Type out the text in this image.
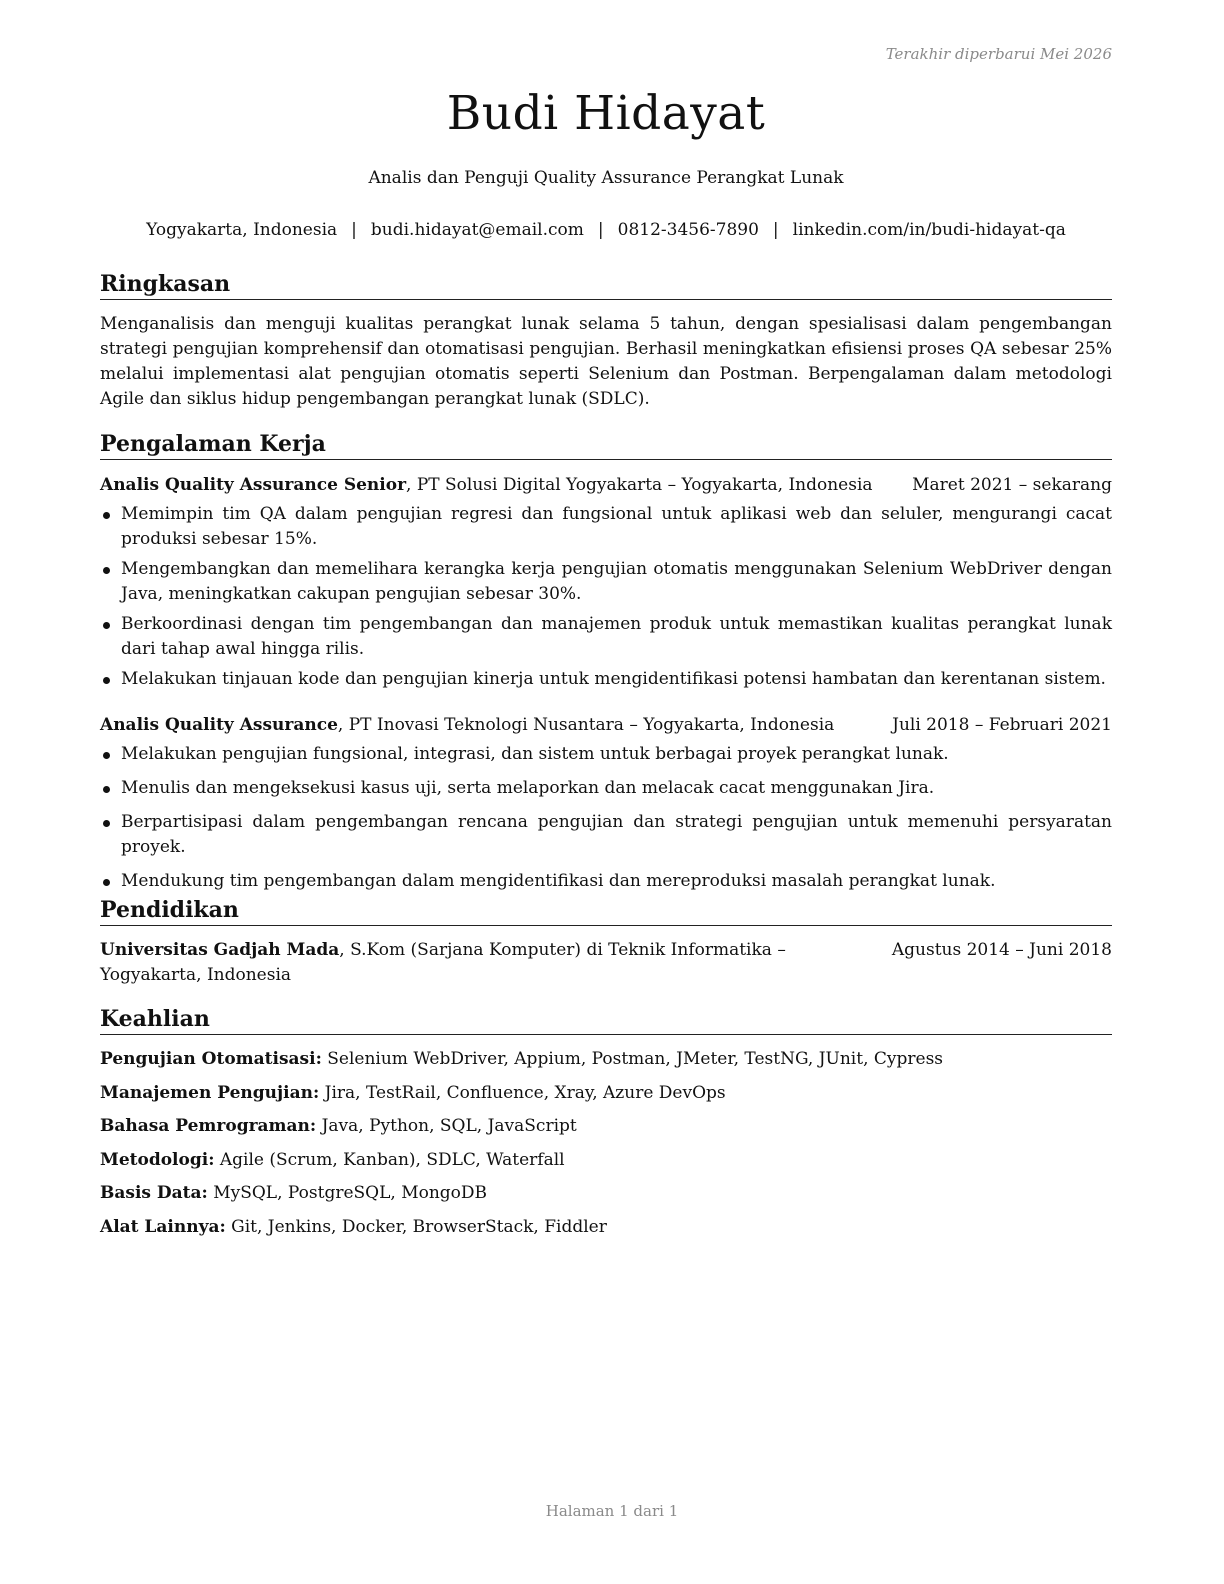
Terakhir diperbarui Mei 2026
Budi Hidayat
Analis dan Penguji Quality Assurance Perangkat Lunak
Yogyakarta, Indonesia | budi.hidayat@email.com | 0812-3456-7890 | linkedin.com/in/budi-hidayat-qa
Ringkasan

Menganalisis dan menguji kualitas perangkat lunak selama 5 tahun, dengan spesialisasi dalam pengembangan strategi pengujian komprehensif dan otomatisasi pengujian. Berhasil meningkatkan efisiensi proses QA sebesar 25% melalui implementasi alat pengujian otomatis seperti Selenium dan Postman. Berpengalaman dalam metodologi Agile dan siklus hidup pengembangan perangkat lunak (SDLC).

Pengalaman Kerja
Analis Quality Assurance Senior, PT Solusi Digital Yogyakarta – Yogyakarta, Indonesia Maret 2021 – sekarang
Memimpin tim QA dalam pengujian regresi dan fungsional untuk aplikasi web dan seluler, mengurangi cacat produksi sebesar 15%.
Mengembangkan dan memelihara kerangka kerja pengujian otomatis menggunakan Selenium WebDriver dengan Java, meningkatkan cakupan pengujian sebesar 30%.
Berkoordinasi dengan tim pengembangan dan manajemen produk untuk memastikan kualitas perangkat lunak dari tahap awal hingga rilis.
Melakukan tinjauan kode dan pengujian kinerja untuk mengidentifikasi potensi hambatan dan kerentanan sistem.
Analis Quality Assurance, PT Inovasi Teknologi Nusantara – Yogyakarta, Indonesia	Juli 2018 – Februari 2021
Melakukan pengujian fungsional, integrasi, dan sistem untuk berbagai proyek perangkat lunak.
Menulis dan mengeksekusi kasus uji, serta melaporkan dan melacak cacat menggunakan Jira.
Berpartisipasi dalam pengembangan rencana pengujian dan strategi pengujian untuk memenuhi persyaratan proyek.
Mendukung tim pengembangan dalam mengidentifikasi dan mereproduksi masalah perangkat lunak.
Pendidikan
Universitas Gadjah Mada, S.Kom (Sarjana Komputer) di Teknik Informatika – Yogyakarta, Indonesia
Agustus 2014 – Juni 2018
Keahlian
Pengujian Otomatisasi: Selenium WebDriver, Appium, Postman, JMeter, TestNG, JUnit, Cypress
Manajemen Pengujian: Jira, TestRail, Confluence, Xray, Azure DevOps
Bahasa Pemrograman: Java, Python, SQL, JavaScript
Metodologi: Agile (Scrum, Kanban), SDLC, Waterfall
Basis Data: MySQL, PostgreSQL, MongoDB
Alat Lainnya: Git, Jenkins, Docker, BrowserStack, Fiddler
Halaman 1 dari 1
